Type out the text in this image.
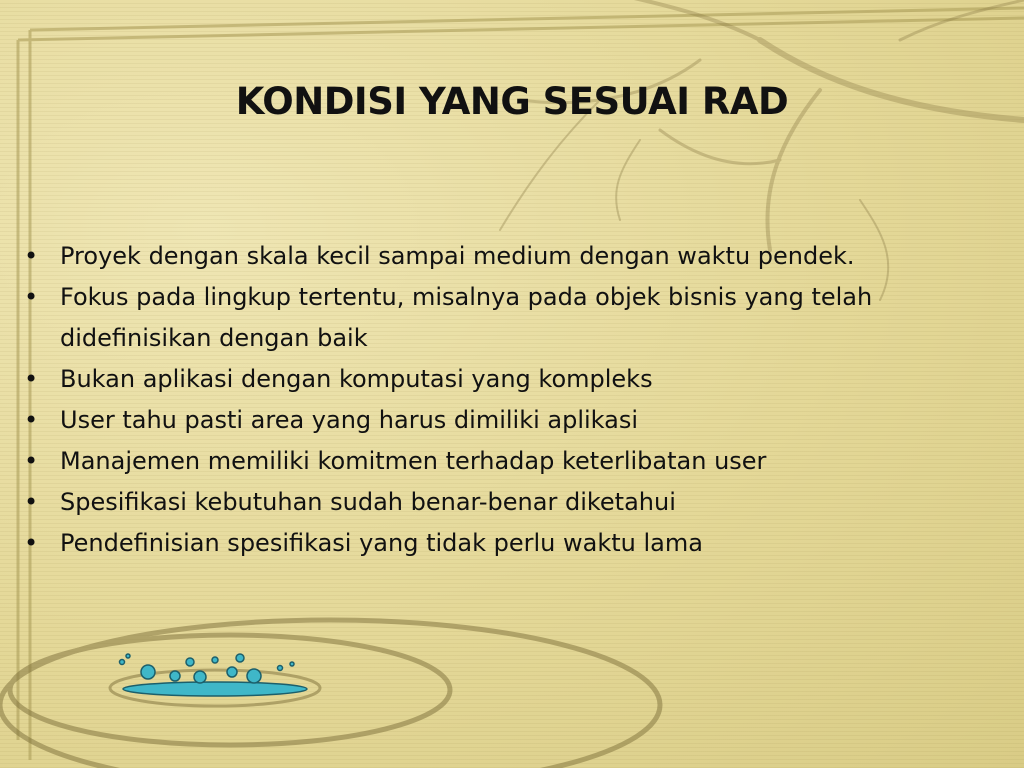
KONDISI YANG SESUAI RAD
• Proyek dengan skala kecil sampai medium dengan waktu pendek.
• Fokus pada lingkup tertentu, misalnya pada objek bisnis yang telah didefinisikan dengan baik
• Bukan aplikasi dengan komputasi yang kompleks
• User tahu pasti area yang harus dimiliki aplikasi
• Manajemen memiliki komitmen terhadap keterlibatan user
• Spesifikasi kebutuhan sudah benar-benar diketahui
• Pendefinisian spesifikasi yang tidak perlu waktu lama
